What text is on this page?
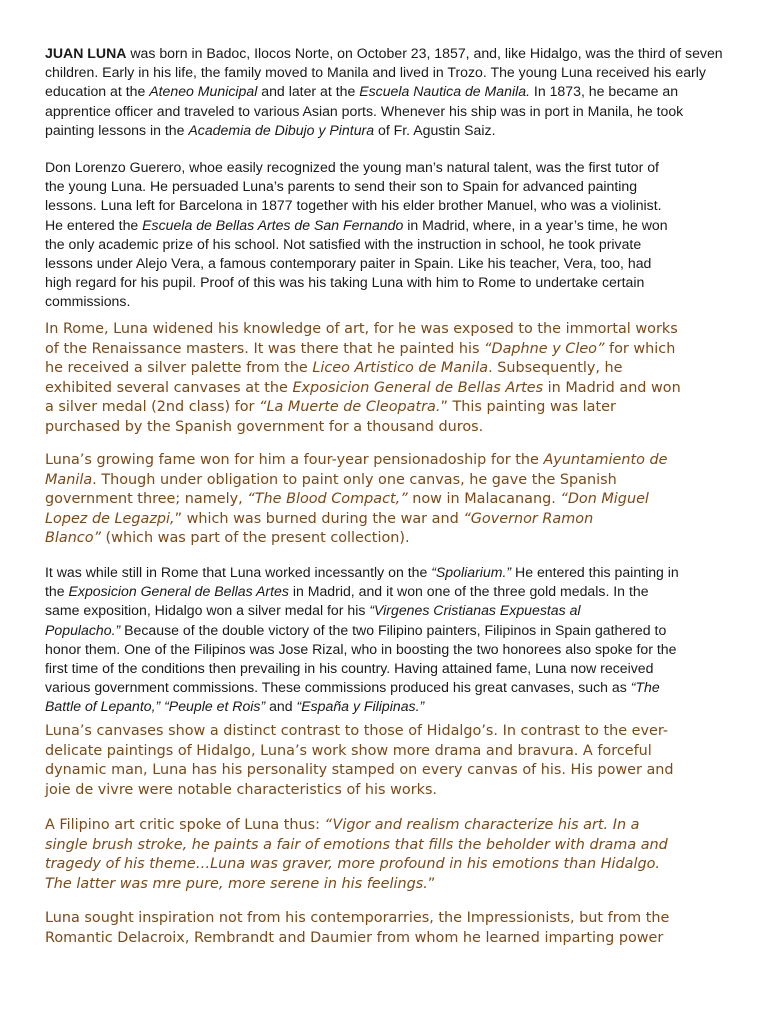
JUAN LUNA was born in Badoc, Ilocos Norte, on October 23, 1857, and, like Hidalgo, was the third of seven
children. Early in his life, the family moved to Manila and lived in Trozo. The young Luna received his early
education at the Ateneo Municipal and later at the Escuela Nautica de Manila. In 1873, he became an
apprentice officer and traveled to various Asian ports. Whenever his ship was in port in Manila, he took
painting lessons in the Academia de Dibujo y Pintura of Fr. Agustin Saiz.
Don Lorenzo Guerero, whoe easily recognized the young man’s natural talent, was the first tutor of
the young Luna. He persuaded Luna’s parents to send their son to Spain for advanced painting
lessons. Luna left for Barcelona in 1877 together with his elder brother Manuel, who was a violinist.
He entered the Escuela de Bellas Artes de San Fernando in Madrid, where, in a year’s time, he won
the only academic prize of his school. Not satisfied with the instruction in school, he took private
lessons under Alejo Vera, a famous contemporary paiter in Spain. Like his teacher, Vera, too, had
high regard for his pupil. Proof of this was his taking Luna with him to Rome to undertake certain
commissions.
In Rome, Luna widened his knowledge of art, for he was exposed to the immortal works
of the Renaissance masters. It was there that he painted his “Daphne y Cleo” for which
he received a silver palette from the Liceo Artistico de Manila. Subsequently, he
exhibited several canvases at the Exposicion General de Bellas Artes in Madrid and won
a silver medal (2nd class) for “La Muerte de Cleopatra.” This painting was later
purchased by the Spanish government for a thousand duros.
Luna’s growing fame won for him a four-year pensionadoship for the Ayuntamiento de
Manila. Though under obligation to paint only one canvas, he gave the Spanish
government three; namely, “The Blood Compact,” now in Malacanang. “Don Miguel
Lopez de Legazpi,” which was burned during the war and “Governor Ramon
Blanco” (which was part of the present collection).
It was while still in Rome that Luna worked incessantly on the “Spoliarium.” He entered this painting in
the Exposicion General de Bellas Artes in Madrid, and it won one of the three gold medals. In the
same exposition, Hidalgo won a silver medal for his “Virgenes Cristianas Expuestas al
Populacho.” Because of the double victory of the two Filipino painters, Filipinos in Spain gathered to
honor them. One of the Filipinos was Jose Rizal, who in boosting the two honorees also spoke for the
first time of the conditions then prevailing in his country. Having attained fame, Luna now received
various government commissions. These commissions produced his great canvases, such as “The
Battle of Lepanto,” “Peuple et Rois” and “España y Filipinas.”
Luna’s canvases show a distinct contrast to those of Hidalgo’s. In contrast to the ever-
delicate paintings of Hidalgo, Luna’s work show more drama and bravura. A forceful
dynamic man, Luna has his personality stamped on every canvas of his. His power and
joie de vivre were notable characteristics of his works.
A Filipino art critic spoke of Luna thus: “Vigor and realism characterize his art. In a
single brush stroke, he paints a fair of emotions that fills the beholder with drama and
tragedy of his theme…Luna was graver, more profound in his emotions than Hidalgo.
The latter was mre pure, more serene in his feelings.”
Luna sought inspiration not from his contemporarries, the Impressionists, but from the
Romantic Delacroix, Rembrandt and Daumier from whom he learned imparting power
